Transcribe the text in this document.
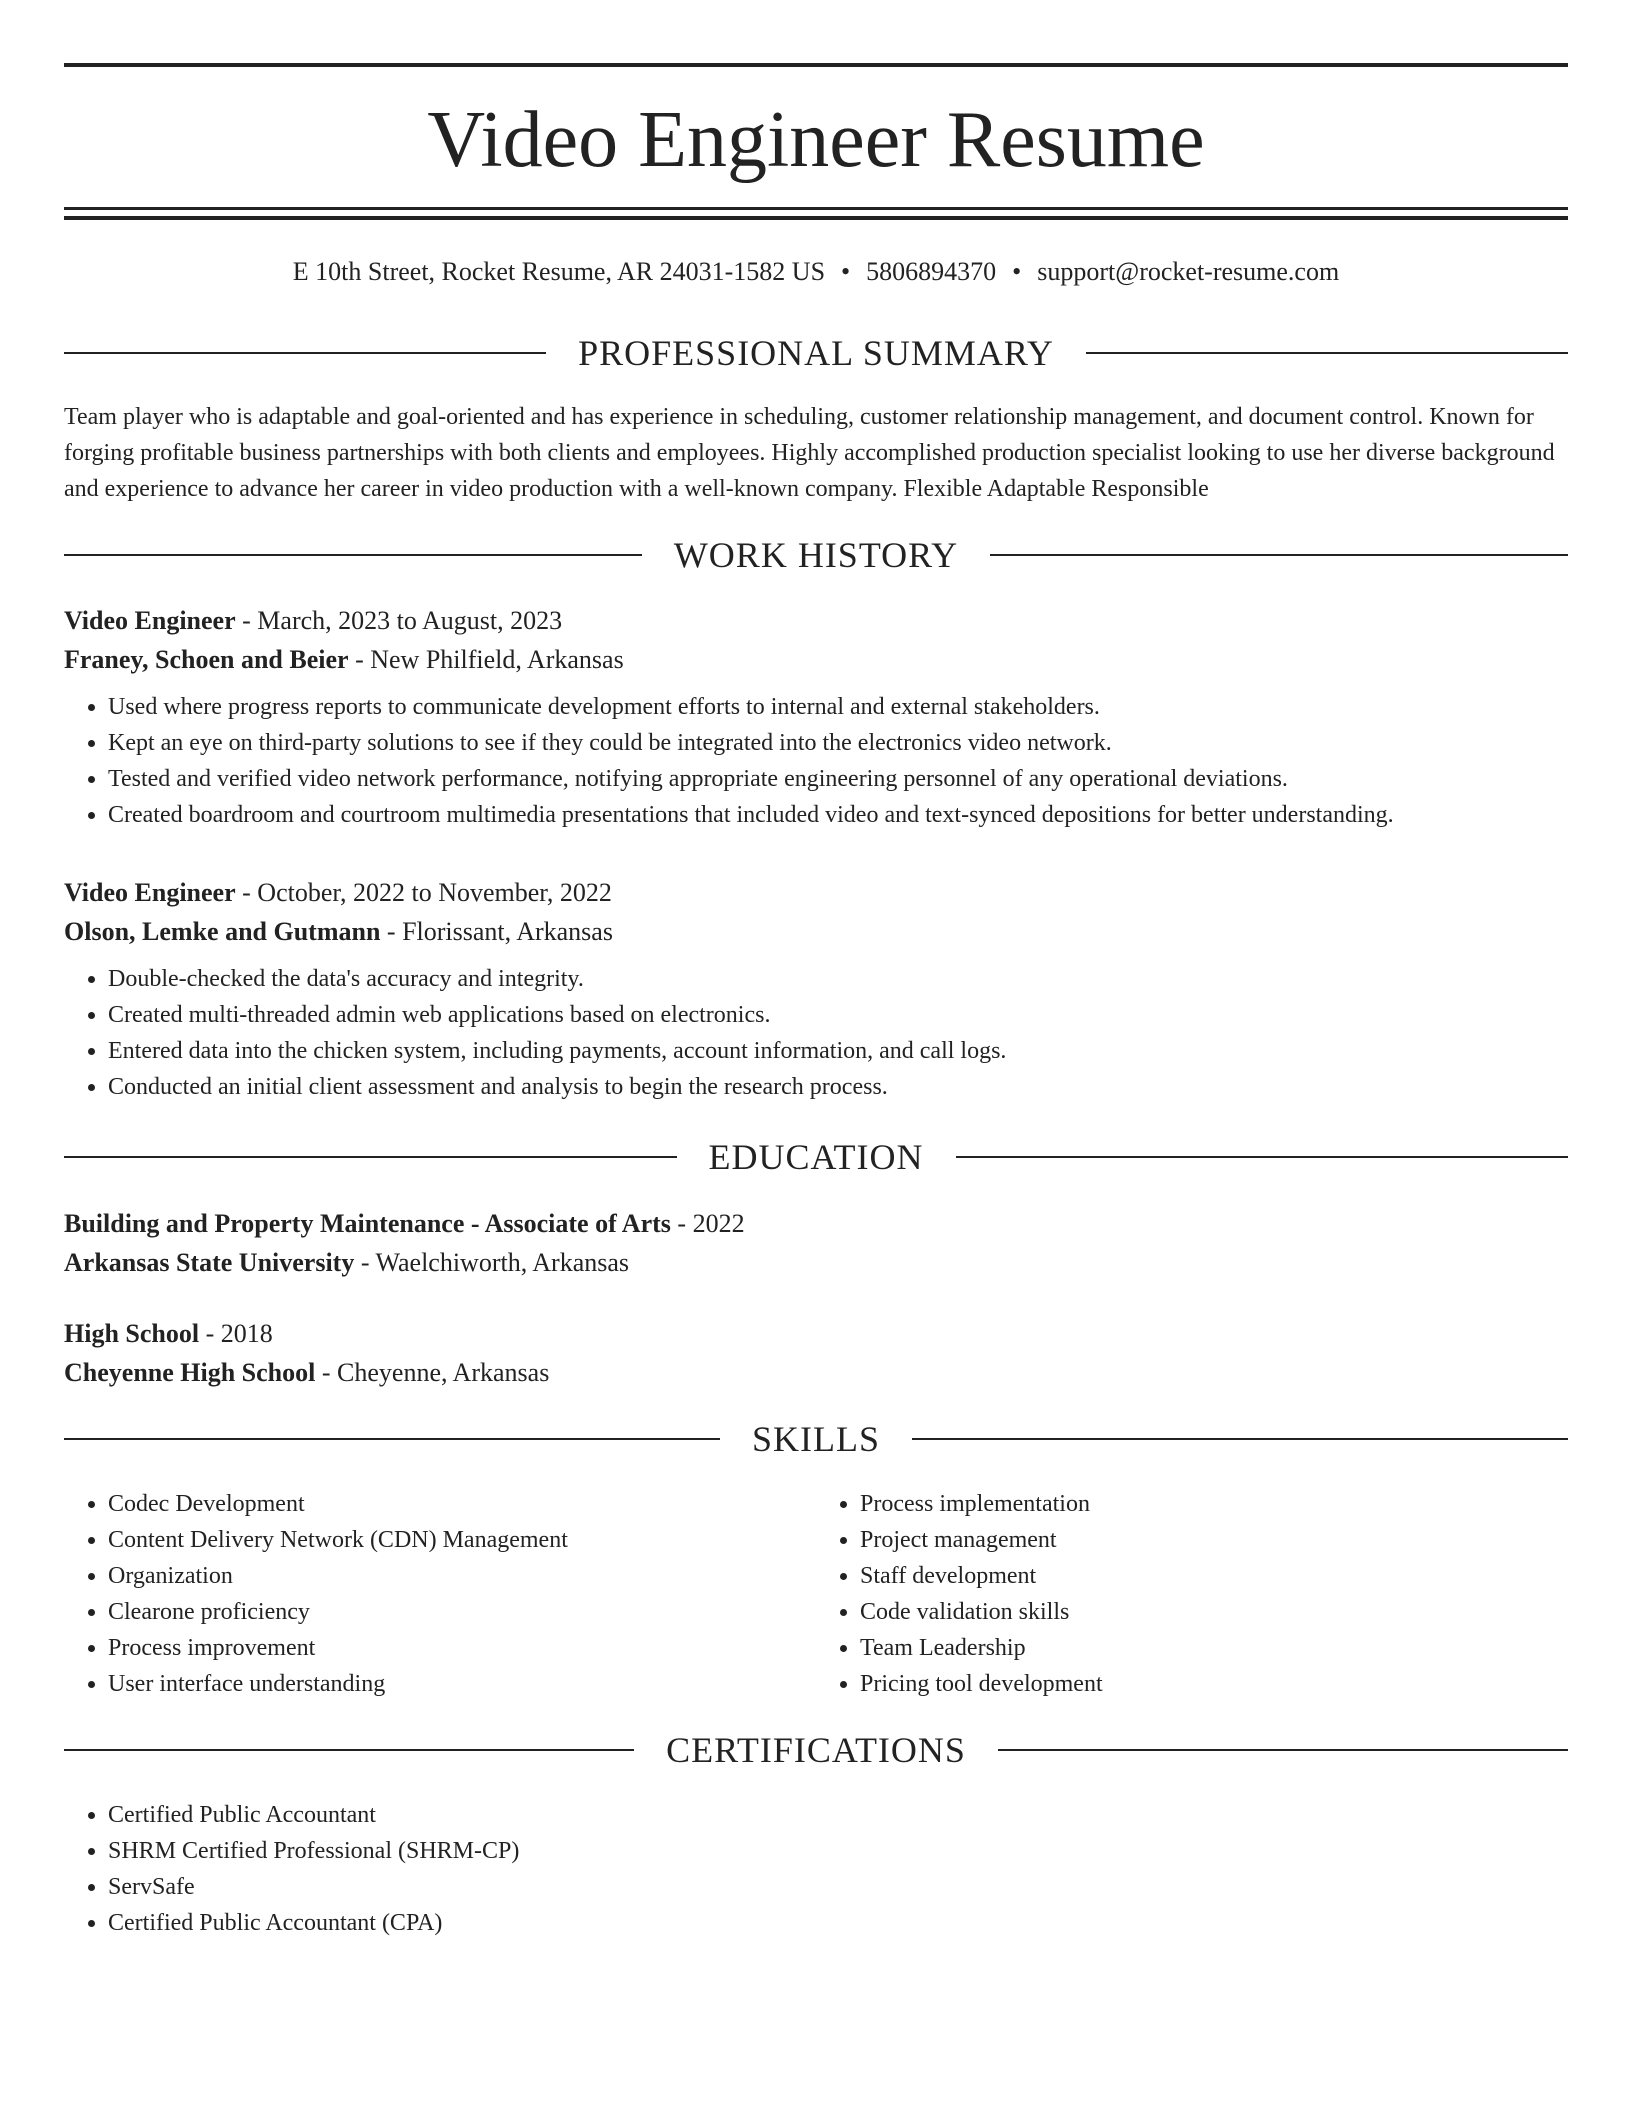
Video Engineer Resume
E 10th Street, Rocket Resume, AR 24031-1582 US • 5806894370 • support@rocket-resume.com
PROFESSIONAL SUMMARY

Team player who is adaptable and goal-oriented and has experience in scheduling, customer relationship management, and document control. Known for forging profitable business partnerships with both clients and employees. Highly accomplished production specialist looking to use her diverse background and experience to advance her career in video production with a well-known company. Flexible Adaptable Responsible

WORK HISTORY

Video Engineer - March, 2023 to August, 2023

Franey, Schoen and Beier - New Philfield, Arkansas

• Used where progress reports to communicate development efforts to internal and external stakeholders.
• Kept an eye on third-party solutions to see if they could be integrated into the electronics video network.
• Tested and verified video network performance, notifying appropriate engineering personnel of any operational deviations.
• Created boardroom and courtroom multimedia presentations that included video and text-synced depositions for better understanding.

Video Engineer - October, 2022 to November, 2022

Olson, Lemke and Gutmann - Florissant, Arkansas

• Double-checked the data's accuracy and integrity.
• Created multi-threaded admin web applications based on electronics.
• Entered data into the chicken system, including payments, account information, and call logs.
• Conducted an initial client assessment and analysis to begin the research process.
EDUCATION

Building and Property Maintenance - Associate of Arts - 2022

Arkansas State University - Waelchiworth, Arkansas

High School - 2018

Cheyenne High School - Cheyenne, Arkansas

SKILLS
• Codec Development
• Content Delivery Network (CDN) Management
• Organization
• Clearone proficiency
• Process improvement
• User interface understanding
• Process implementation
• Project management
• Staff development
• Code validation skills
• Team Leadership
• Pricing tool development
CERTIFICATIONS
• Certified Public Accountant
• SHRM Certified Professional (SHRM-CP)
• ServSafe
• Certified Public Accountant (CPA)
